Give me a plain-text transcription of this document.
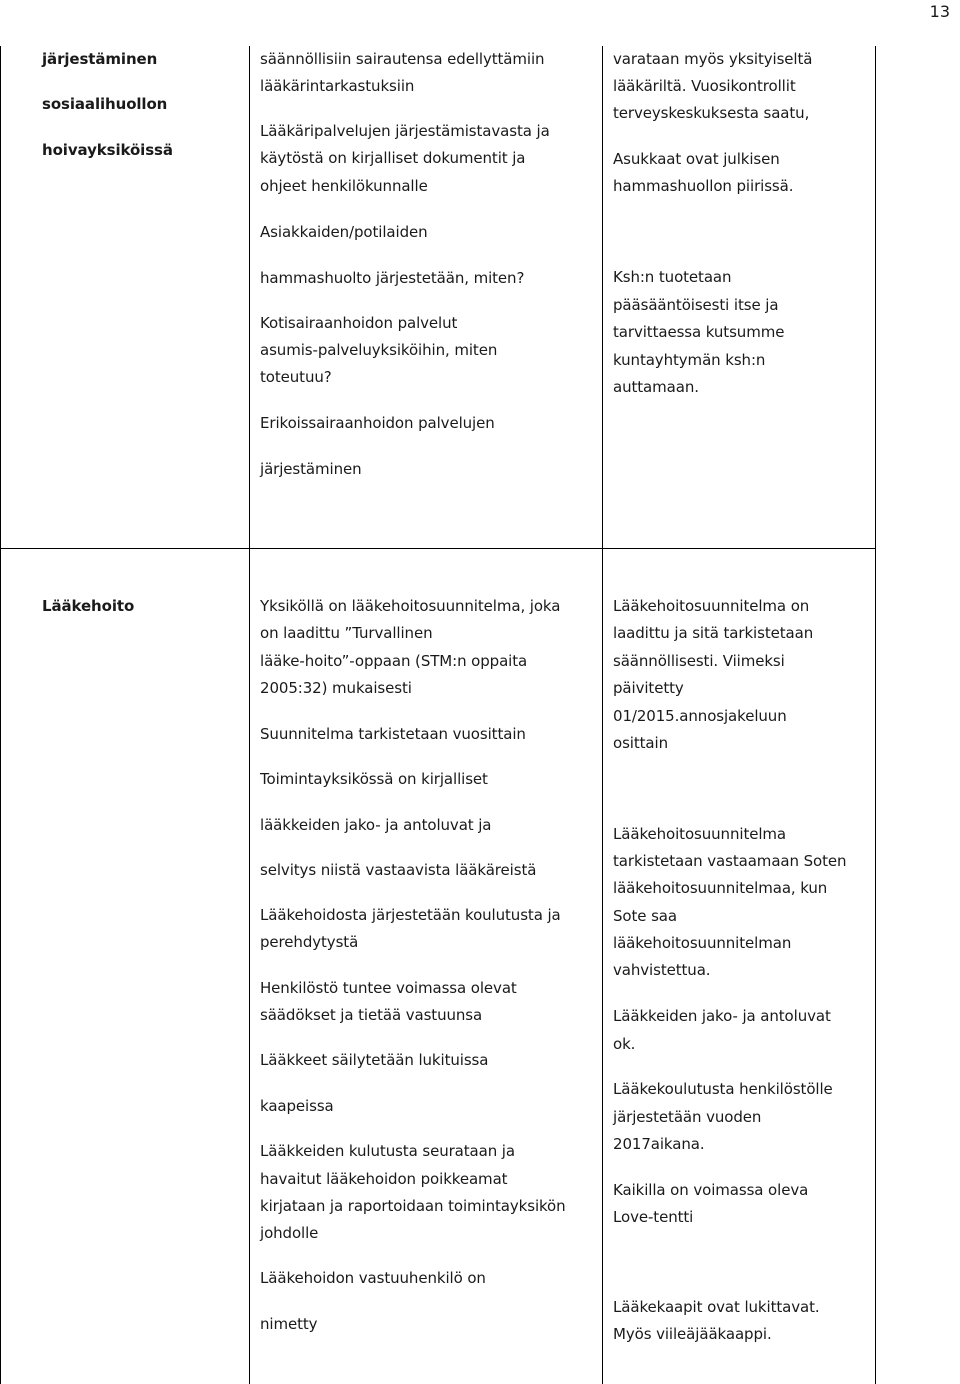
13
järjestäminen
sosiaalihuollon
hoivayksiköissä
säännöllisiin sairautensa edellyttämiin
lääkärintarkastuksiin
Lääkäripalvelujen järjestämistavasta ja
käytöstä on kirjalliset dokumentit ja
ohjeet henkilökunnalle
Asiakkaiden/potilaiden
hammashuolto järjestetään, miten?
Kotisairaanhoidon palvelut
asumis-palveluyksiköihin, miten
toteutuu?
Erikoissairaanhoidon palvelujen
järjestäminen
varataan myös yksityiseltä
lääkäriltä. Vuosikontrollit
terveyskeskuksesta saatu,
Asukkaat ovat julkisen
hammashuollon piirissä.
Ksh:n tuotetaan
pääsääntöisesti itse ja
tarvittaessa kutsumme
kuntayhtymän ksh:n
auttamaan.
Lääkehoito	Yksiköllä on lääkehoitosuunnitelma, joka
on laadittu ”Turvallinen
lääke-hoito”-oppaan (STM:n oppaita
2005:32) mukaisesti
Suunnitelma tarkistetaan vuosittain
Toimintayksikössä on kirjalliset
lääkkeiden jako- ja antoluvat ja
selvitys niistä vastaavista lääkäreistä
Lääkehoidosta järjestetään koulutusta ja
perehdytystä
Henkilöstö tuntee voimassa olevat
säädökset ja tietää vastuunsa
Lääkkeet säilytetään lukituissa
kaapeissa
Lääkkeiden kulutusta seurataan ja
havaitut lääkehoidon poikkeamat
kirjataan ja raportoidaan toimintayksikön
johdolle
Lääkehoidon vastuuhenkilö on
nimetty
Lääkehoitosuunnitelma on
laadittu ja sitä tarkistetaan
säännöllisesti. Viimeksi
päivitetty
01/2015.annosjakeluun
osittain
Lääkehoitosuunnitelma
tarkistetaan vastaamaan Soten
lääkehoitosuunnitelmaa, kun
Sote saa
lääkehoitosuunnitelman
vahvistettua.
Lääkkeiden jako- ja antoluvat
ok.
Lääkekoulutusta henkilöstölle
järjestetään vuoden
2017aikana.
Kaikilla on voimassa oleva
Love-tentti
Lääkekaapit ovat lukittavat.
Myös viileäjääkaappi.
